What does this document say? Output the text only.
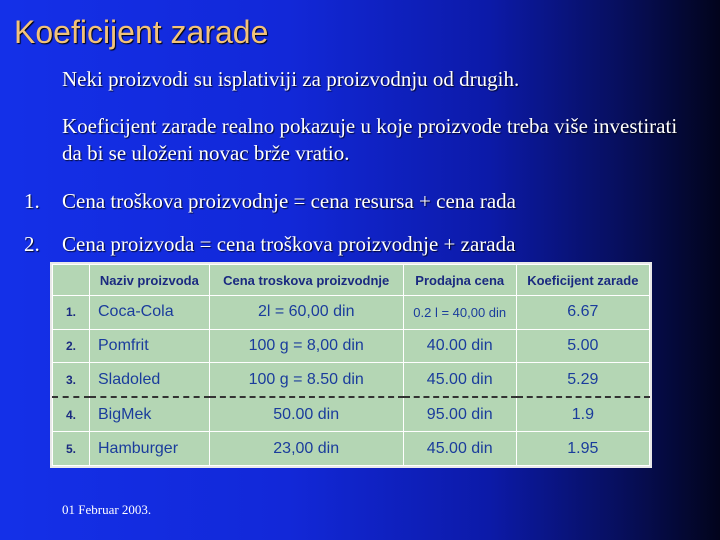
Koeficijent zarade
Neki proizvodi su isplativiji za proizvodnju od drugih.
Koeficijent zarade realno pokazuje u koje proizvode treba više investirati da bi se uloženi novac brže vratio.
1. Cena troškova proizvodnje = cena resursa + cena rada
2. Cena proizvoda = cena troškova proizvodnje + zarada
	Naziv proizvoda	Cena troskova proizvodnje	Prodajna cena	Koeficijent zarade
1.	Coca-Cola	2l = 60,00 din	0.2 l = 40,00 din	6.67
2.	Pomfrit	100 g = 8,00 din	40.00 din	5.00
3.	Sladoled	100 g = 8.50 din	45.00 din	5.29
4.	BigMek	50.00 din	95.00 din	1.9
5.	Hamburger	23,00 din	45.00 din	1.95
01 Februar 2003.
